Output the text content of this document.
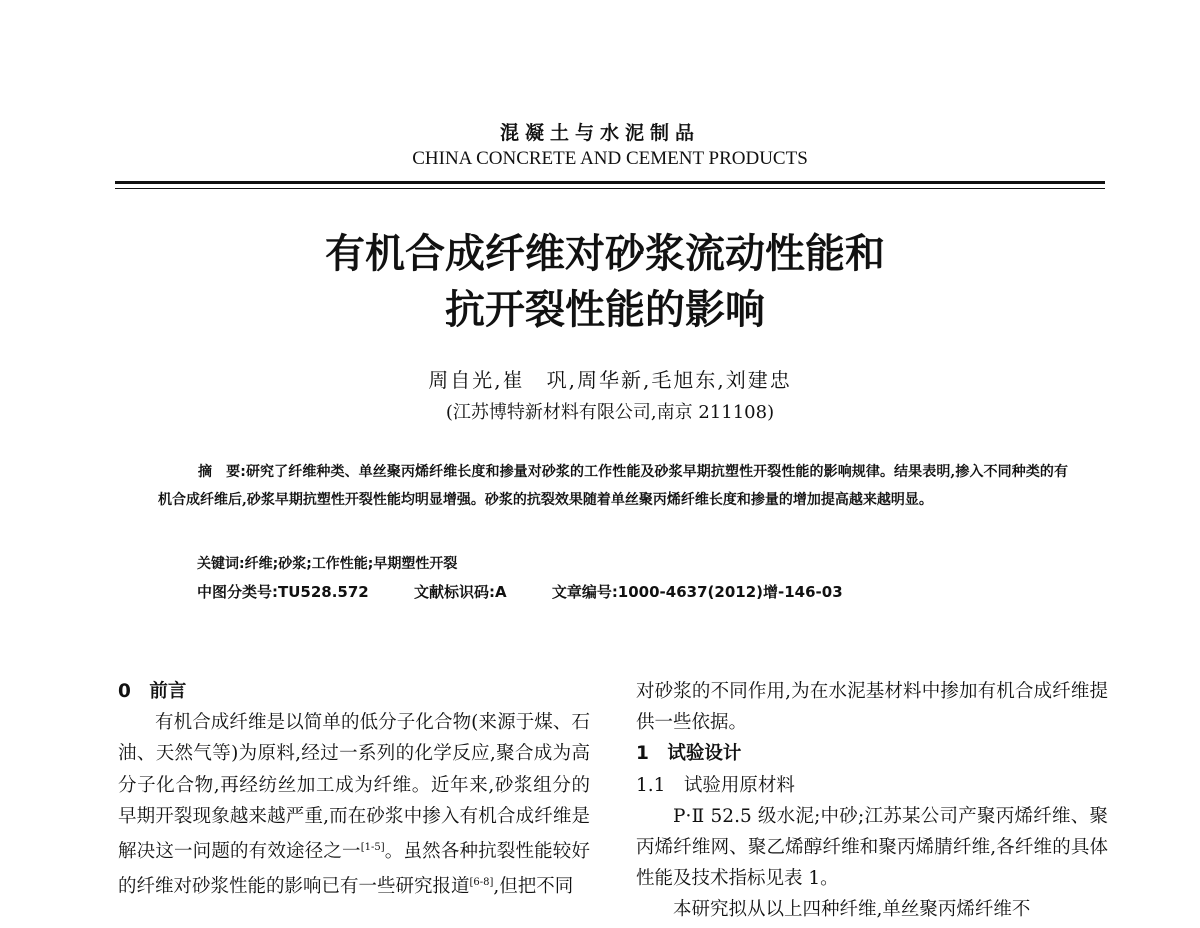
混凝土与水泥制品
CHINA CONCRETE AND CEMENT PRODUCTS
有机合成纤维对砂浆流动性能和
抗开裂性能的影响
周自光,崔　巩,周华新,毛旭东,刘建忠
(江苏博特新材料有限公司,南京 211108)
摘　要:研究了纤维种类、单丝聚丙烯纤维长度和掺量对砂浆的工作性能及砂浆早期抗塑性开裂性能的影响规律。结果表明,掺入不同种类的有机合成纤维后,砂浆早期抗塑性开裂性能均明显增强。砂浆的抗裂效果随着单丝聚丙烯纤维长度和掺量的增加提高越来越明显。
关键词:纤维;砂浆;工作性能;早期塑性开裂
中图分类号:TU528.572	文献标识码:A	文章编号:1000-4637(2012)增-146-03

0　前言

有机合成纤维是以简单的低分子化合物(来源于煤、石油、天然气等)为原料,经过一系列的化学反应,聚合成为高分子化合物,再经纺丝加工成为纤维。近年来,砂浆组分的早期开裂现象越来越严重,而在砂浆中掺入有机合成纤维是解决这一问题的有效途径之一[1-5]。虽然各种抗裂性能较好的纤维对砂浆性能的影响已有一些研究报道[6-8],但把不同

对砂浆的不同作用,为在水泥基材料中掺加有机合成纤维提供一些依据。

1　试验设计

1.1　试验用原材料

P·Ⅱ 52.5 级水泥;中砂;江苏某公司产聚丙烯纤维、聚丙烯纤维网、聚乙烯醇纤维和聚丙烯腈纤维,各纤维的具体性能及技术指标见表 1。

本研究拟从以上四种纤维,单丝聚丙烯纤维不
